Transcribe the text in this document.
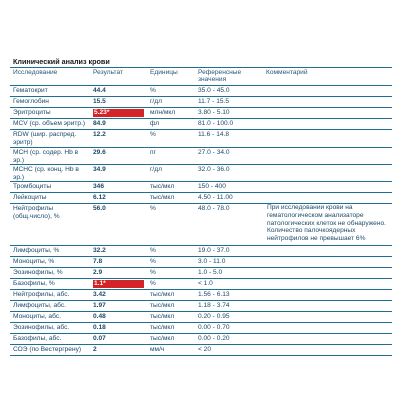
Клинический анализ крови
Исследование	Результат	Единицы	Референсные значения	Комментарий
Гематокрит	44.4	%	35.0 - 45.0	
Гемоглобин	15.5	г/дл	11.7 - 15.5	
Эритроциты	5.23*	млн/мкл	3.80 - 5.10	
MCV (ср. объем эритр.)	84.9	фл	81.0 - 100.0	
RDW (шир. распред. эритр)	12.2	%	11.6 - 14.8	
MCH (ср. содер. Hb в эр.)	29.6	пг	27.0 - 34.0	
MCHC (ср. конц. Hb в эр.)	34.9	г/дл	32.0 - 36.0	
Тромбоциты	346	тыс/мкл	150 - 400	
Лейкоциты	6.12	тыс/мкл	4.50 - 11.00	
Нейтрофилы (общ.число), %	56.0	%	48.0 - 78.0	При исследовании крови на гематологическом анализаторе патологических клеток не обнаружено. Количество палочкоядерных нейтрофилов не превышает 6%
Лимфоциты, %	32.2	%	19.0 - 37.0	
Моноциты, %	7.8	%	3.0 - 11.0	
Эозинофилы, %	2.9	%	1.0 - 5.0	
Базофилы, %	1.1*	%	< 1.0	
Нейтрофилы, абс.	3.42	тыс/мкл	1.56 - 6.13	
Лимфоциты, абс.	1.97	тыс/мкл	1.18 - 3.74	
Моноциты, абс.	0.48	тыс/мкл	0.20 - 0.95	
Эозинофилы, абс.	0.18	тыс/мкл	0.00 - 0.70	
Базофилы, абс.	0.07	тыс/мкл	0.00 - 0.20	
СОЭ (по Вестергрену)	2	мм/ч	< 20	
